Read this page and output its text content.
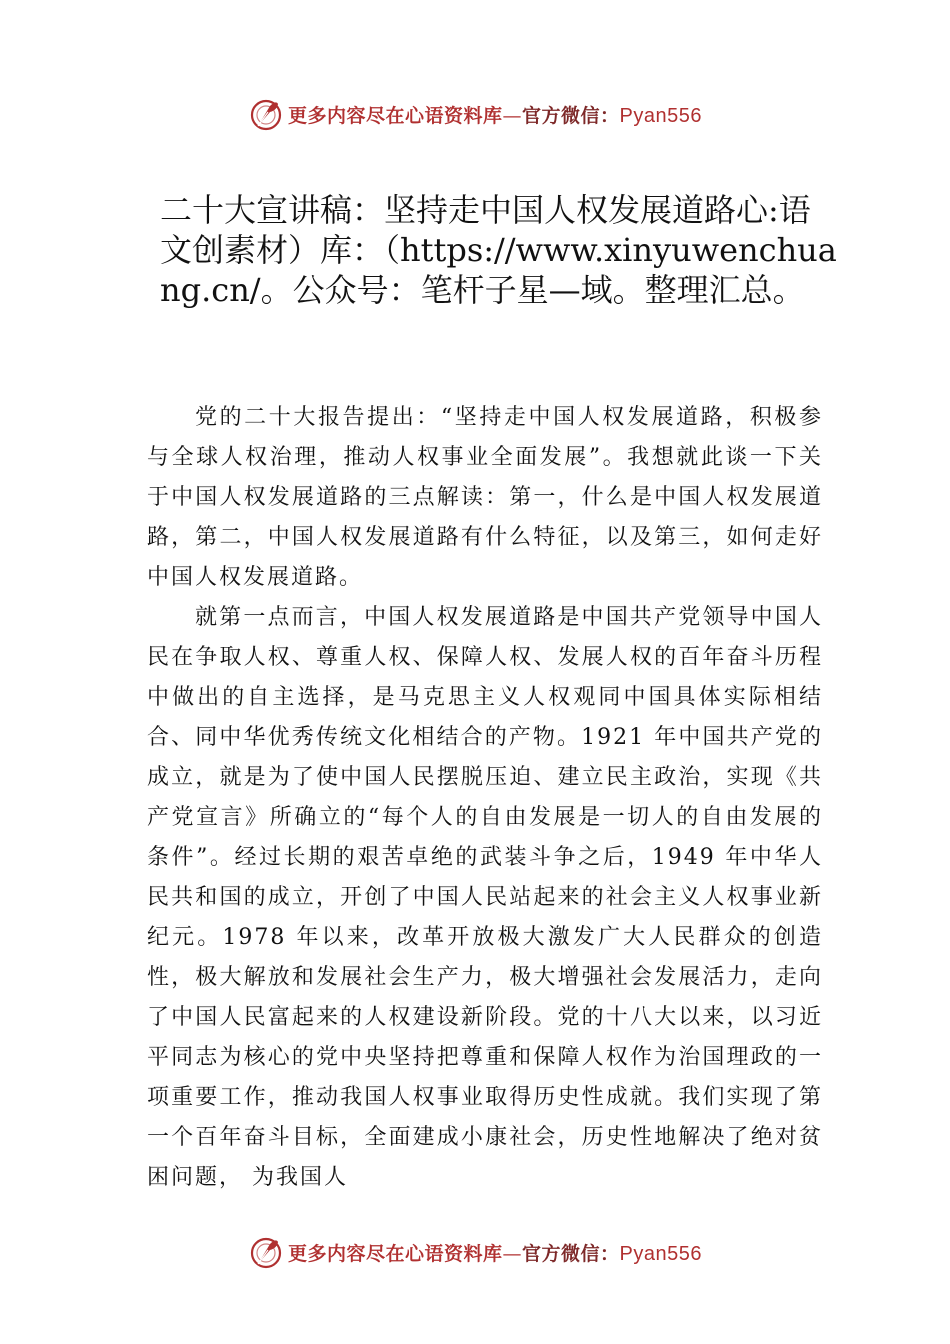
更多内容尽在心语资料库—官方微信：Pyan556
二十大宣讲稿：坚持走中国人权发展道路心:语文创素材）库：（https://www.xinyuwenchuang.cn/。公众号：笔杆子星—域。整理汇总。

党的二十大报告提出：“坚持走中国人权发展道路，积极参与全球人权治理，推动人权事业全面发展”。我想就此谈一下关于中国人权发展道路的三点解读：第一，什么是中国人权发展道路，第二，中国人权发展道路有什么特征，以及第三，如何走好中国人权发展道路。

就第一点而言，中国人权发展道路是中国共产党领导中国人民在争取人权、尊重人权、保障人权、发展人权的百年奋斗历程中做出的自主选择，是马克思主义人权观同中国具体实际相结合、同中华优秀传统文化相结合的产物。1921 年中国共产党的成立，就是为了使中国人民摆脱压迫、建立民主政治，实现《共产党宣言》所确立的“每个人的自由发展是一切人的自由发展的条件”。经过长期的艰苦卓绝的武装斗争之后，1949 年中华人民共和国的成立，开创了中国人民站起来的社会主义人权事业新纪元。1978 年以来，改革开放极大激发广大人民群众的创造性，极大解放和发展社会生产力，极大增强社会发展活力，走向了中国人民富起来的人权建设新阶段。党的十八大以来，以习近平同志为核心的党中央坚持把尊重和保障人权作为治国理政的一项重要工作，推动我国人权事业取得历史性成就。我们实现了第一个百年奋斗目标，全面建成小康社会，历史性地解决了绝对贫困问题， 为我国人

更多内容尽在心语资料库—官方微信：Pyan556
